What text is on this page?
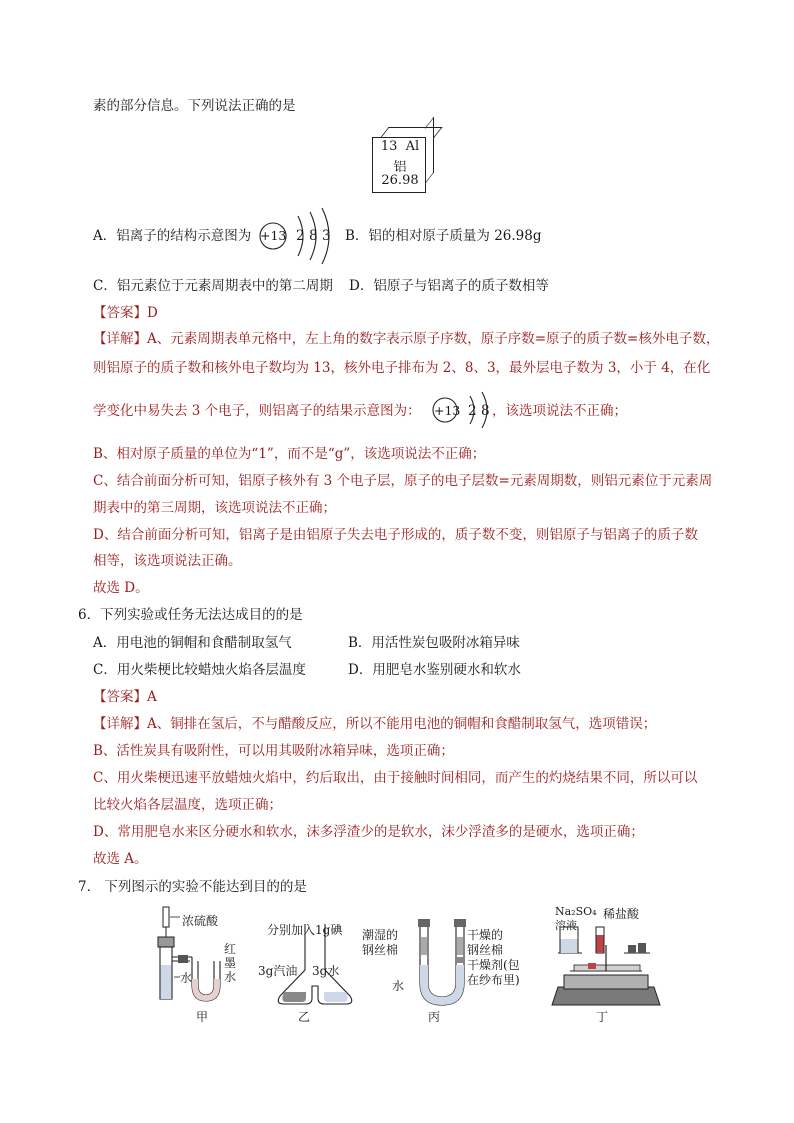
素的部分信息。下列说法正确的是
13 Al
铝
26.98
A．铝离子的结构示意图为 +13 2 8 3 B．铝的相对原子质量为 26.98g
C．铝元素位于元素周期表中的第二周期 D．铝原子与铝离子的质子数相等
【答案】D
【详解】A、元素周期表单元格中，左上角的数字表示原子序数，原子序数=原子的质子数=核外电子数，
则铝原子的质子数和核外电子数均为 13，核外电子排布为 2、8、3，最外层电子数为 3，小于 4，在化
学变化中易失去 3 个电子，则铝离子的结果示意图为： +13 2 8 ，该选项说法不正确；
B、相对原子质量的单位为“1”，而不是“g”，该选项说法不正确；
C、结合前面分析可知，铝原子核外有 3 个电子层，原子的电子层数=元素周期数，则铝元素位于元素周
期表中的第三周期，该选项说法不正确；
D、结合前面分析可知，铝离子是由铝原子失去电子形成的，质子数不变，则铝原子与铝离子的质子数
相等，该选项说法正确。
故选 D。
6．下列实验或任务无法达成目的的是
A．用电池的铜帽和食醋制取氢气	B．用活性炭包吸附冰箱异味
C．用火柴梗比较蜡烛火焰各层温度	D．用肥皂水鉴别硬水和软水
【答案】A
【详解】A、铜排在氢后，不与醋酸反应，所以不能用电池的铜帽和食醋制取氢气，选项错误；
B、活性炭具有吸附性，可以用其吸附冰箱异味，选项正确；
C、用火柴梗迅速平放蜡烛火焰中，约后取出，由于接触时间相同，而产生的灼烧结果不同，所以可以
比较火焰各层温度，选项正确；
D、常用肥皂水来区分硬水和软水，沫多浮渣少的是软水，沫少浮渣多的是硬水，选项正确；
故选 A。
7． 下列图示的实验不能达到目的的是
浓硫酸
水
红
墨
水
甲
分别加入1g碘
3g汽油 3g水
乙
潮湿的
钢丝棉
水
干燥的
钢丝棉
干燥剂(包
在纱布里)
丙
Na₂SO₄
溶液
稀盐酸
丁
